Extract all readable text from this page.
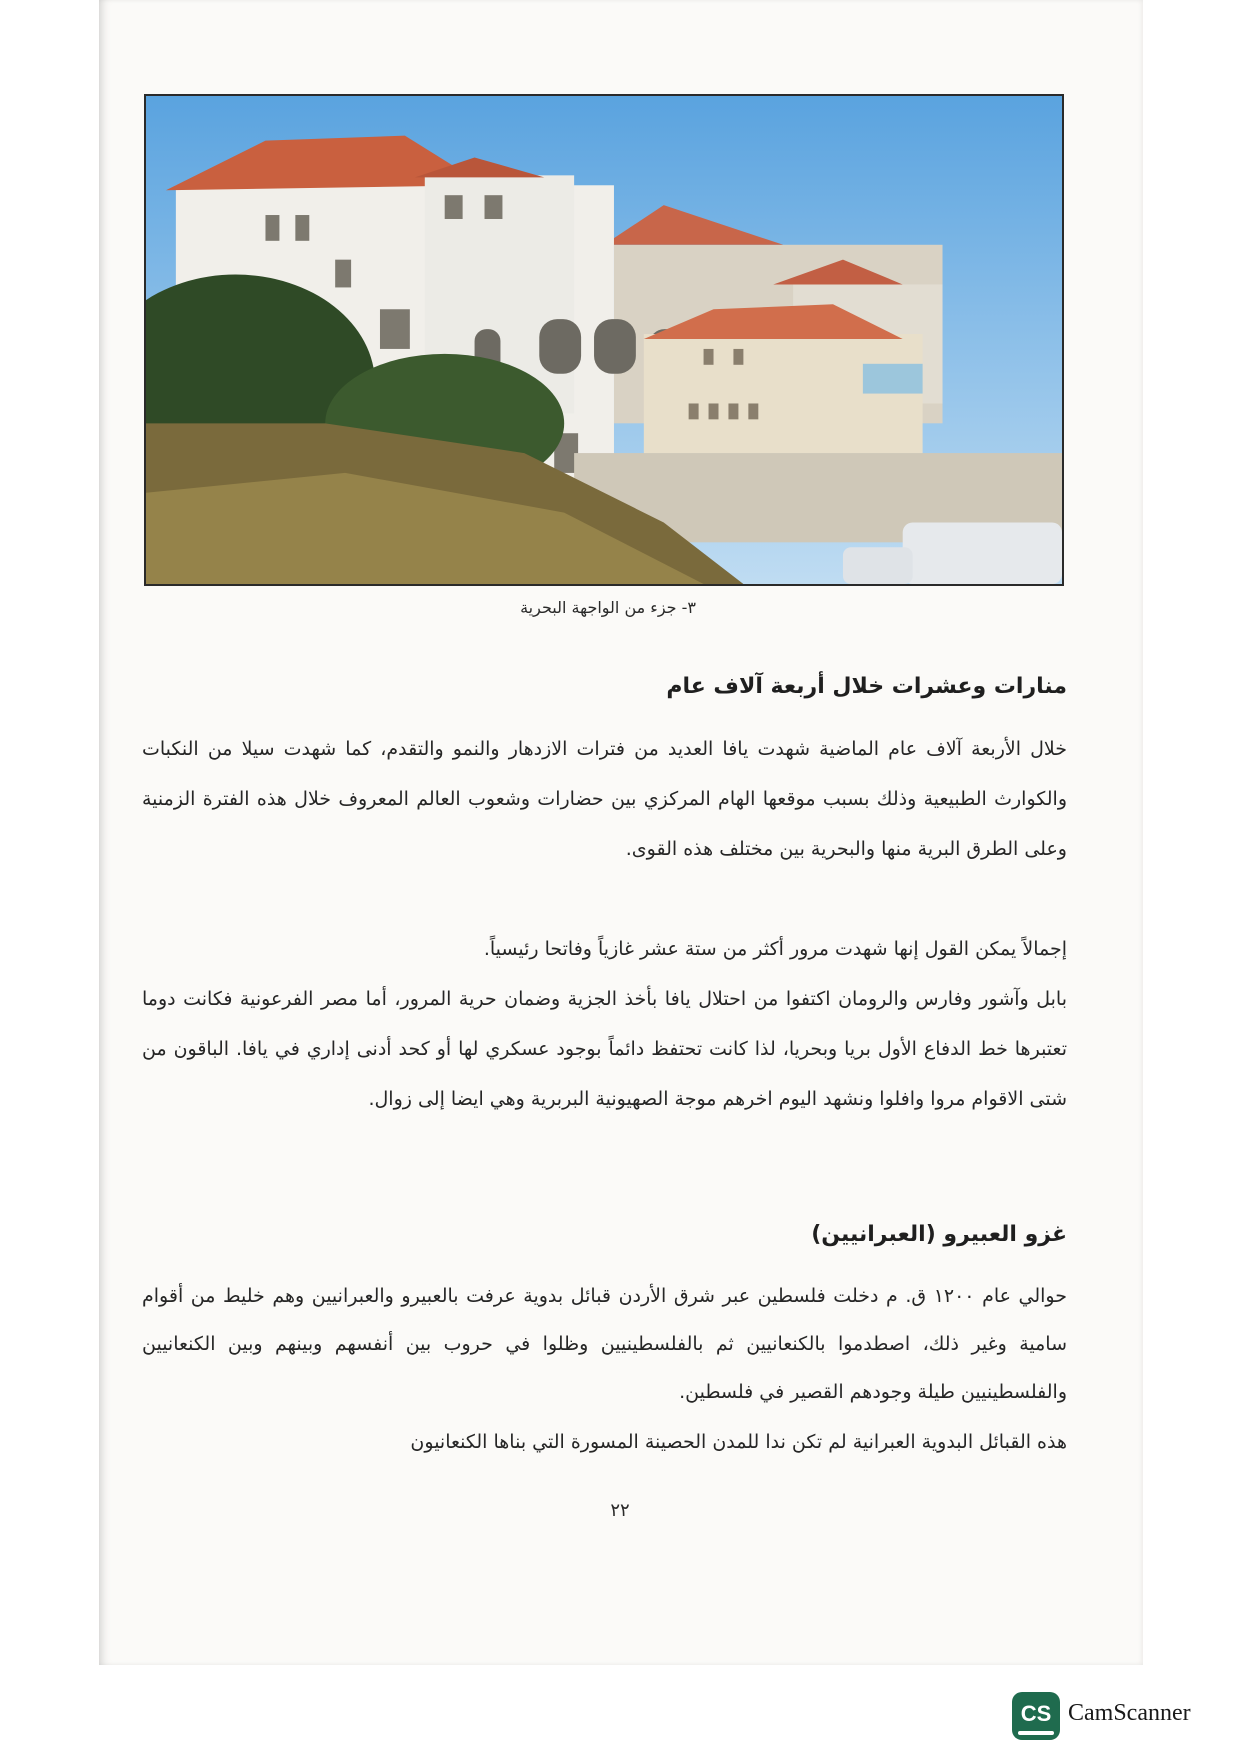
٣- جزء من الواجهة البحرية
منارات وعشرات خلال أربعة آلاف عام

خلال الأربعة آلاف عام الماضية شهدت يافا العديد من فترات الازدهار والنمو والتقدم، كما شهدت سيلا من النكبات والكوارث الطبيعية وذلك بسبب موقعها الهام المركزي بين حضارات وشعوب العالم المعروف خلال هذه الفترة الزمنية وعلى الطرق البرية منها والبحرية بين مختلف هذه القوى.

إجمالاً يمكن القول إنها شهدت مرور أكثر من ستة عشر غازياً وفاتحا رئيسياً.

بابل وآشور وفارس والرومان اكتفوا من احتلال يافا بأخذ الجزية وضمان حرية المرور، أما مصر الفرعونية فكانت دوما تعتبرها خط الدفاع الأول بريا وبحريا، لذا كانت تحتفظ دائماً بوجود عسكري لها أو كحد أدنى إداري في يافا. الباقون من شتى الاقوام مروا وافلوا ونشهد اليوم اخرهم موجة الصهيونية البربرية وهي ايضا إلى زوال.

غزو العبيرو (العبرانيين)

حوالي عام ١٢٠٠ ق. م دخلت فلسطين عبر شرق الأردن قبائل بدوية عرفت بالعبيرو والعبرانيين وهم خليط من أقوام سامية وغير ذلك، اصطدموا بالكنعانيين ثم بالفلسطينيين وظلوا في حروب بين أنفسهم وبينهم وبين الكنعانيين والفلسطينيين طيلة وجودهم القصير في فلسطين.

هذه القبائل البدوية العبرانية لم تكن ندا للمدن الحصينة المسورة التي بناها الكنعانيون

٢٢
CS CamScanner
